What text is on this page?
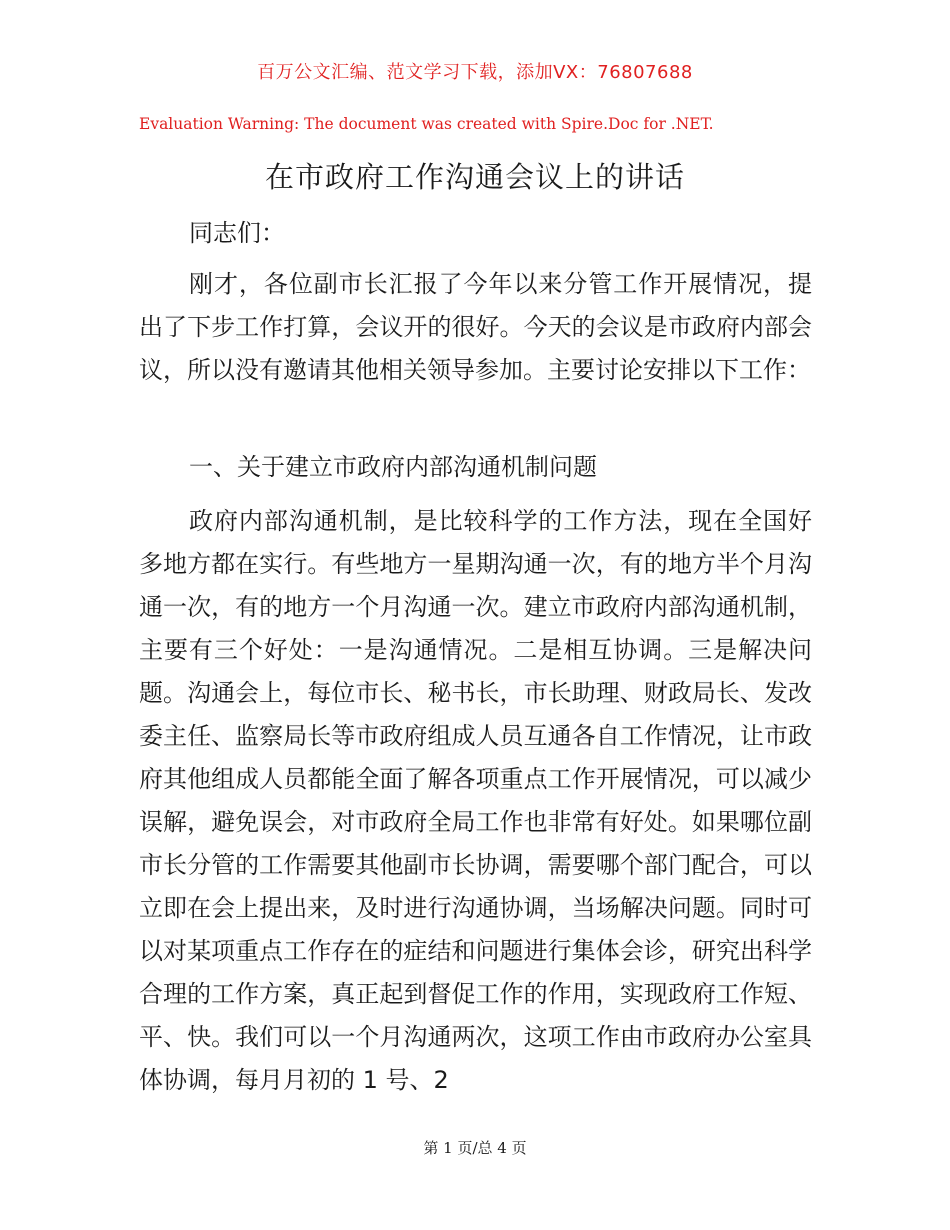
百万公文汇编、范文学习下载，添加VX：76807688
Evaluation Warning: The document was created with Spire.Doc for .NET.
在市政府工作沟通会议上的讲话
同志们：
刚才，各位副市长汇报了今年以来分管工作开展情况，提出了下步工作打算，会议开的很好。今天的会议是市政府内部会议，所以没有邀请其他相关领导参加。主要讨论安排以下工作：
一、关于建立市政府内部沟通机制问题
政府内部沟通机制，是比较科学的工作方法，现在全国好多地方都在实行。有些地方一星期沟通一次，有的地方半个月沟通一次，有的地方一个月沟通一次。建立市政府内部沟通机制，主要有三个好处：一是沟通情况。二是相互协调。三是解决问题。沟通会上，每位市长、秘书长，市长助理、财政局长、发改委主任、监察局长等市政府组成人员互通各自工作情况，让市政府其他组成人员都能全面了解各项重点工作开展情况，可以减少误解，避免误会，对市政府全局工作也非常有好处。如果哪位副市长分管的工作需要其他副市长协调，需要哪个部门配合，可以立即在会上提出来，及时进行沟通协调，当场解决问题。同时可以对某项重点工作存在的症结和问题进行集体会诊，研究出科学合理的工作方案，真正起到督促工作的作用，实现政府工作短、平、快。我们可以一个月沟通两次，这项工作由市政府办公室具体协调，每月月初的 1 号、2
第 1 页/总 4 页
